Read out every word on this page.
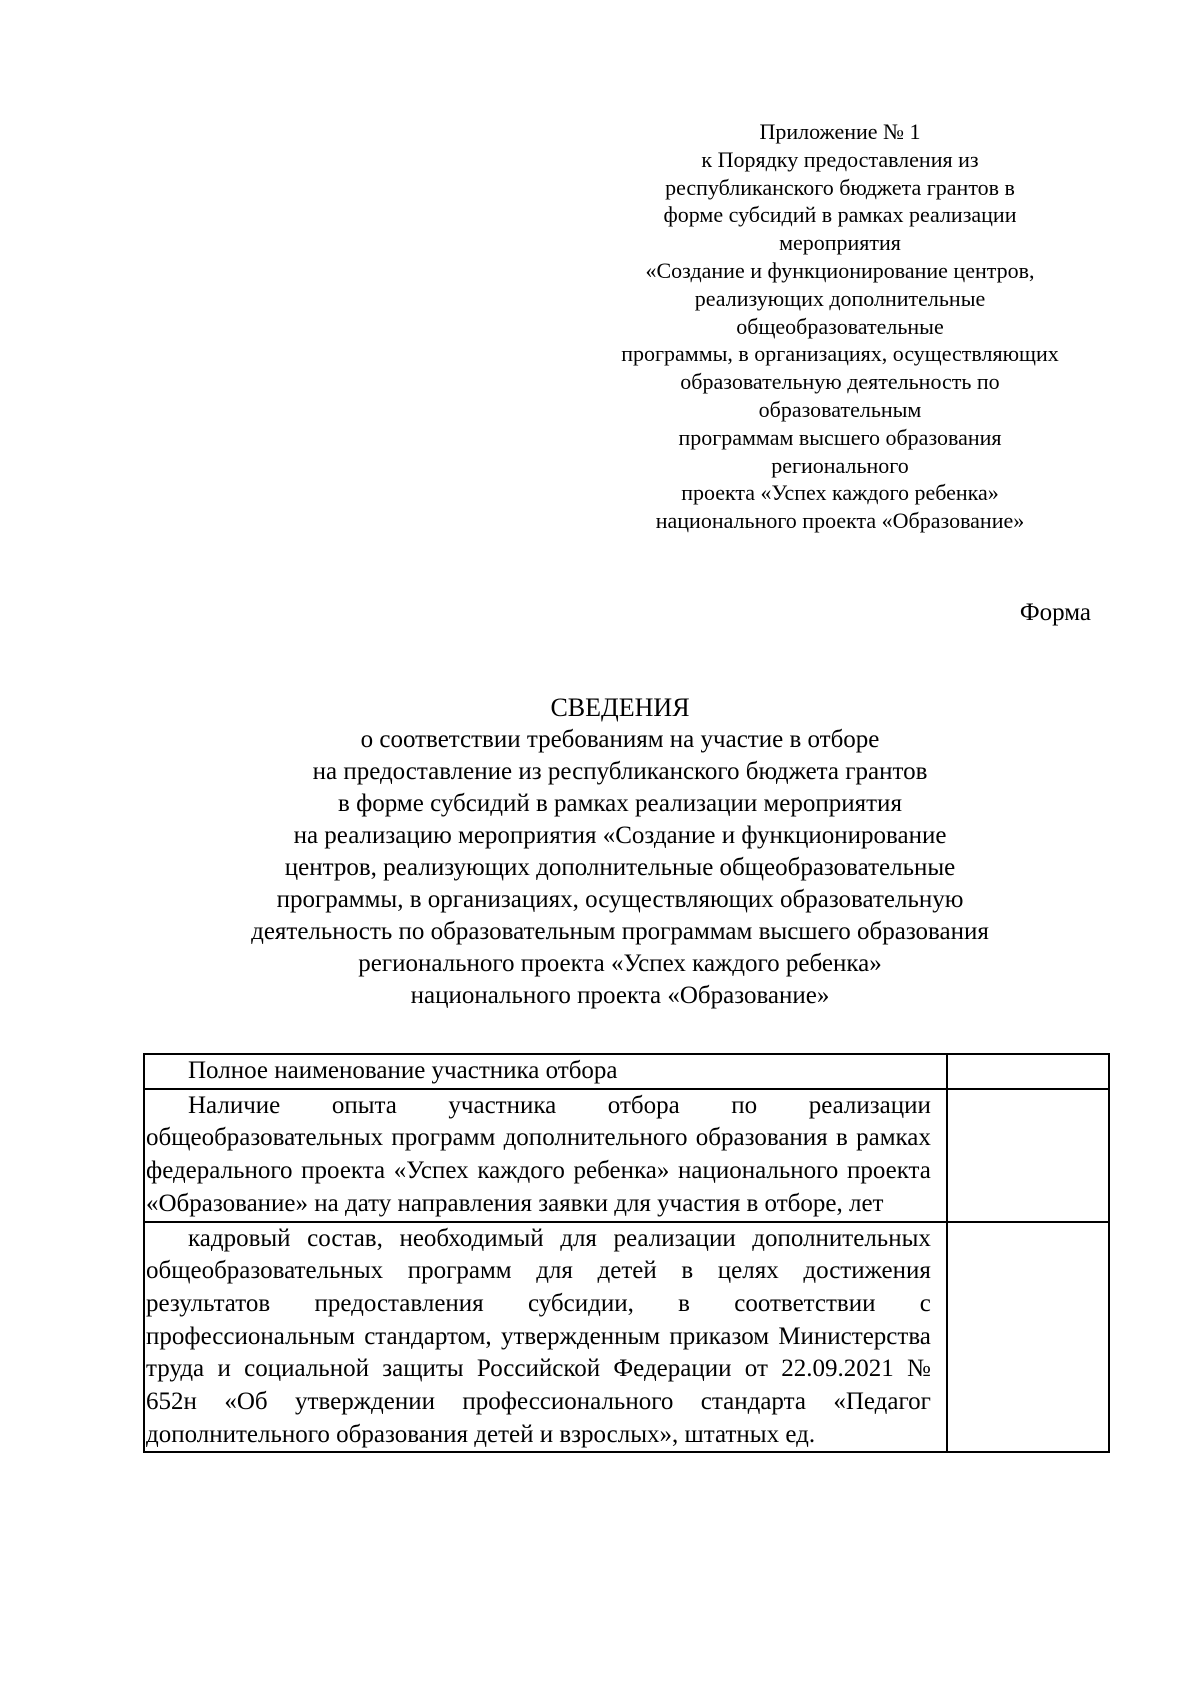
Приложение № 1
к Порядку предоставления из
республиканского бюджета грантов в
форме субсидий в рамках реализации
мероприятия
«Создание и функционирование центров,
реализующих дополнительные
общеобразовательные
программы, в организациях, осуществляющих
образовательную деятельность по
образовательным
программам высшего образования
регионального
проекта «Успех каждого ребенка»
национального проекта «Образование»
Форма
СВЕДЕНИЯ
о соответствии требованиям на участие в отборе
на предоставление из республиканского бюджета грантов
в форме субсидий в рамках реализации мероприятия
на реализацию мероприятия «Создание и функционирование
центров, реализующих дополнительные общеобразовательные
программы, в организациях, осуществляющих образовательную
деятельность по образовательным программам высшего образования
регионального проекта «Успех каждого ребенка»
национального проекта «Образование»
Полное наименование участника отбора	

Наличие опыта участника отбора по реализации общеобразовательных программ дополнительного образования в рамках федерального проекта «Успех каждого ребенка» национального проекта «Образование» на дату направления заявки для участия в отборе, лет	

кадровый состав, необходимый для реализации дополнительных общеобразовательных программ для детей в целях достижения результатов предоставления субсидии, в соответствии с профессиональным стандартом, утвержденным приказом Министерства труда и социальной защиты Российской Федерации от 22.09.2021 № 652н «Об утверждении профессионального стандарта «Педагог дополнительного образования детей и взрослых», штатных ед.	
